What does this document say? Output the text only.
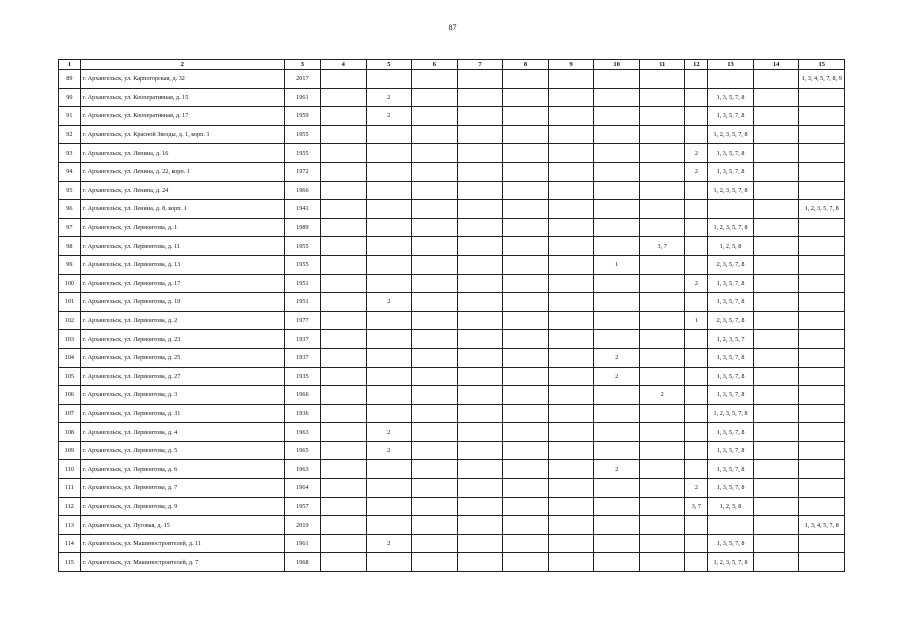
87
1	2	3	4	5	6	7	8	9	10	11	12	13	14	15
89	г. Архангельск, ул. Карпогорская, д. 32	2017												1, 3, 4, 5, 7, 8, 9
90	г. Архангельск, ул. Кооперативная, д. 15	1961		2								1, 3, 5, 7, 8		
91	г. Архангельск, ул. Кооперативная, д. 17	1959		2								1, 3, 5, 7, 8		
92	г. Архангельск, ул. Красной Звезды, д. 1, корп. 1	1955										1, 2, 3, 5, 7, 8		
93	г. Архангельск, ул. Ленина, д. 16	1955									2	1, 3, 5, 7, 8		
94	г. Архангельск, ул. Ленина, д. 22, корп. 1	1972									2	1, 3, 5, 7, 8		
95	г. Архангельск, ул. Ленина, д. 24	1966										1, 2, 3, 5, 7, 8		
96	г. Архангельск, ул. Ленина, д. 8, корп. 1	1941												1, 2, 3, 5, 7, 8
97	г. Архангельск, ул. Лермонтова, д. 1	1989										1, 2, 3, 5, 7, 8		
98	г. Архангельск, ул. Лермонтова, д. 11	1955								3, 7		1, 2, 5, 8		
99	г. Архангельск, ул. Лермонтова, д. 13	1955							1			2, 3, 5, 7, 8		
100	г. Архангельск, ул. Лермонтова, д. 17	1951									2	1, 3, 5, 7, 8		
101	г. Архангельск, ул. Лермонтова, д. 19	1951		2								1, 3, 5, 7, 8		
102	г. Архангельск, ул. Лермонтова, д. 2	1977									1	2, 3, 5, 7, 8		
103	г. Архангельск, ул. Лермонтова, д. 23	1937										1, 2, 3, 5, 7		
104	г. Архангельск, ул. Лермонтова, д. 25	1937							2			1, 3, 5, 7, 8		
105	г. Архангельск, ул. Лермонтова, д. 27	1935							2			1, 3, 5, 7, 8		
106	г. Архангельск, ул. Лермонтова, д. 3	1966								2		1, 3, 5, 7, 8		
107	г. Архангельск, ул. Лермонтова, д. 31	1936										1, 2, 3, 5, 7, 8		
108	г. Архангельск, ул. Лермонтова, д. 4	1963		2								1, 3, 5, 7, 8		
109	г. Архангельск, ул. Лермонтова, д. 5	1965		2								1, 3, 5, 7, 8		
110	г. Архангельск, ул. Лермонтова, д. 6	1963							2			1, 3, 5, 7, 8		
111	г. Архангельск, ул. Лермонтова, д. 7	1964									2	1, 3, 5, 7, 8		
112	г. Архангельск, ул. Лермонтова, д. 9	1957									3, 7	1, 2, 5, 8		
113	г. Архангельск, ул. Луговая, д. 15	2019												1, 3, 4, 5, 7, 8
114	г. Архангельск, ул. Машиностроителей, д. 11	1961		2								1, 3, 5, 7, 8		
115	г. Архангельск, ул. Машиностроителей, д. 7	1968										1, 2, 3, 5, 7, 8		
